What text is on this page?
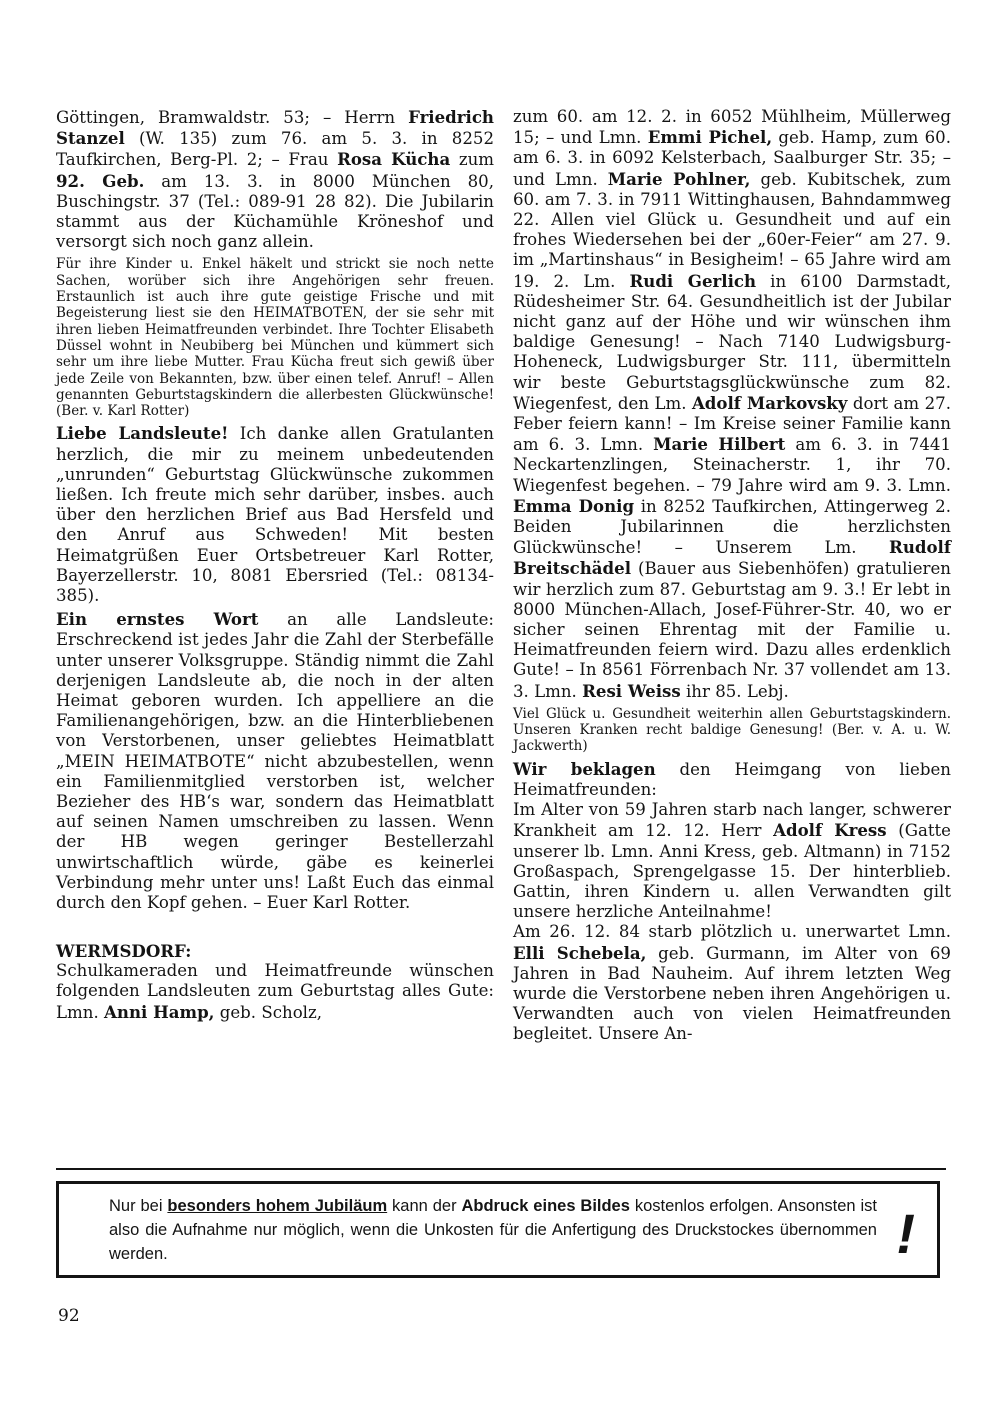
Göttingen, Bramwaldstr. 53; – Herrn Friedrich Stanzel (W. 135) zum 76. am 5. 3. in 8252 Taufkirchen, Berg-Pl. 2; – Frau Rosa Kücha zum 92. Geb. am 13. 3. in 8000 München 80, Buschingstr. 37 (Tel.: 089-91 28 82). Die Jubilarin stammt aus der Küchamühle Kröneshof und versorgt sich noch ganz allein.

Für ihre Kinder u. Enkel häkelt und strickt sie noch nette Sachen, worüber sich ihre Angehörigen sehr freuen. Erstaunlich ist auch ihre gute geistige Frische und mit Begeisterung liest sie den HEIMATBOTEN, der sie sehr mit ihren lieben Heimatfreunden verbindet. Ihre Tochter Elisabeth Düssel wohnt in Neubiberg bei München und kümmert sich sehr um ihre liebe Mutter. Frau Kücha freut sich gewiß über jede Zeile von Bekannten, bzw. über einen telef. Anruf! – Allen genannten Geburtstagskindern die allerbesten Glückwünsche! (Ber. v. Karl Rotter)

Liebe Landsleute! Ich danke allen Gratulanten herzlich, die mir zu meinem unbedeutenden „unrunden“ Geburtstag Glückwünsche zukommen ließen. Ich freute mich sehr darüber, insbes. auch über den herzlichen Brief aus Bad Hersfeld und den Anruf aus Schweden! Mit besten Heimatgrüßen Euer Ortsbetreuer Karl Rotter, Bayerzellerstr. 10, 8081 Ebersried (Tel.: 08134-385).

Ein ernstes Wort an alle Landsleute: Erschreckend ist jedes Jahr die Zahl der Sterbefälle unter unserer Volksgruppe. Ständig nimmt die Zahl derjenigen Landsleute ab, die noch in der alten Heimat geboren wurden. Ich appelliere an die Familienangehörigen, bzw. an die Hinterbliebenen von Verstorbenen, unser geliebtes Heimatblatt „MEIN HEIMATBOTE“ nicht abzubestellen, wenn ein Familienmitglied verstorben ist, welcher Bezieher des HB‘s war, sondern das Heimatblatt auf seinen Namen umschreiben zu lassen. Wenn der HB wegen geringer Bestellerzahl unwirtschaftlich würde, gäbe es keinerlei Verbindung mehr unter uns! Laßt Euch das einmal durch den Kopf gehen. – Euer Karl Rotter.

WERMSDORF:

Schulkameraden und Heimatfreunde wünschen folgenden Landsleuten zum Geburtstag alles Gute: Lmn. Anni Hamp, geb. Scholz,

zum 60. am 12. 2. in 6052 Mühlheim, Müllerweg 15; – und Lmn. Emmi Pichel, geb. Hamp, zum 60. am 6. 3. in 6092 Kelsterbach, Saalburger Str. 35; – und Lmn. Marie Pohlner, geb. Kubitschek, zum 60. am 7. 3. in 7911 Wittinghausen, Bahndammweg 22. Allen viel Glück u. Gesundheit und auf ein frohes Wiedersehen bei der „60er-Feier“ am 27. 9. im „Martinshaus“ in Besigheim! – 65 Jahre wird am 19. 2. Lm. Rudi Gerlich in 6100 Darmstadt, Rüdesheimer Str. 64. Gesundheitlich ist der Jubilar nicht ganz auf der Höhe und wir wünschen ihm baldige Genesung! – Nach 7140 Ludwigsburg-Hoheneck, Ludwigsburger Str. 111, übermitteln wir beste Geburtstagsglückwünsche zum 82. Wiegenfest, den Lm. Adolf Markovsky dort am 27. Feber feiern kann! – Im Kreise seiner Familie kann am 6. 3. Lmn. Marie Hilbert am 6. 3. in 7441 Neckartenzlingen, Steinacherstr. 1, ihr 70. Wiegenfest begehen. – 79 Jahre wird am 9. 3. Lmn. Emma Donig in 8252 Taufkirchen, Attingerweg 2. Beiden Jubilarinnen die herzlichsten Glückwünsche! – Unserem Lm. Rudolf Breitschädel (Bauer aus Siebenhöfen) gratulieren wir herzlich zum 87. Geburtstag am 9. 3.! Er lebt in 8000 München-Allach, Josef-Führer-Str. 40, wo er sicher seinen Ehrentag mit der Familie u. Heimatfreunden feiern wird. Dazu alles erdenklich Gute! – In 8561 Förrenbach Nr. 37 vollendet am 13. 3. Lmn. Resi Weiss ihr 85. Lebj.

Viel Glück u. Gesundheit weiterhin allen Geburtstagskindern. Unseren Kranken recht baldige Genesung! (Ber. v. A. u. W. Jackwerth)

Wir beklagen den Heimgang von lieben Heimatfreunden:

Im Alter von 59 Jahren starb nach langer, schwerer Krankheit am 12. 12. Herr Adolf Kress (Gatte unserer lb. Lmn. Anni Kress, geb. Altmann) in 7152 Großaspach, Sprengelgasse 15. Der hinterblieb. Gattin, ihren Kindern u. allen Verwandten gilt unsere herzliche Anteilnahme!

Am 26. 12. 84 starb plötzlich u. unerwartet Lmn. Elli Schebela, geb. Gurmann, im Alter von 69 Jahren in Bad Nauheim. Auf ihrem letzten Weg wurde die Verstorbene neben ihren Angehörigen u. Verwandten auch von vielen Heimatfreunden begleitet. Unsere An-

Nur bei besonders hohem Jubiläum kann der Abdruck eines Bildes kostenlos erfolgen. Ansonsten ist also die Aufnahme nur möglich, wenn die Unkosten für die Anfertigung des Druckstockes übernommen werden.	!
92
